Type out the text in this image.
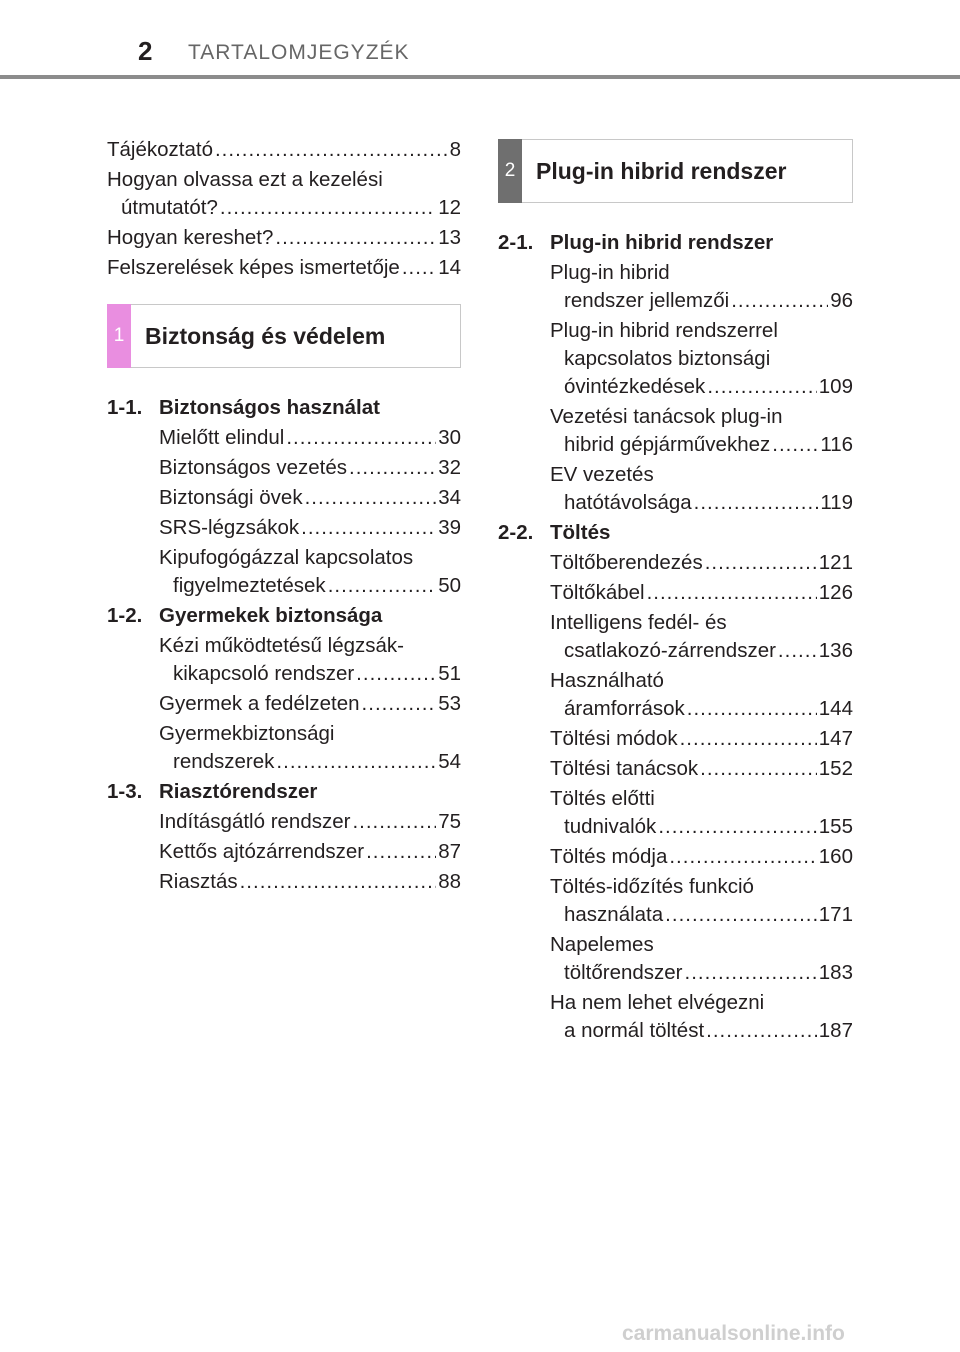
2 TARTALOMJEGYZÉK
Tájékoztató .....	8
Hogyan olvassa ezt a kezelési
útmutatót? .....	12
Hogyan kereshet? .....	13
Felszerelések képes ismertetője ..... 14
1 Biztonság és védelem
1-1. Biztonságos használat
Mielőtt elindul .....	30
Biztonságos vezetés .....	32
Biztonsági övek .....	34
SRS-légzsákok .....	39
Kipufogógázzal kapcsolatos
figyelmeztetések .....	50
1-2. Gyermekek biztonsága
Kézi működtetésű légzsák-
kikapcsoló rendszer .....	51
Gyermek a fedélzeten .....	53
Gyermekbiztonsági
rendszerek .....	54
1-3. Riasztórendszer
Indításgátló rendszer .....	75
Kettős ajtózárrendszer .....	87
Riasztás .....	88
2 Plug-in hibrid rendszer
2-1. Plug-in hibrid rendszer
Plug-in hibrid
rendszer jellemzői .....	96
Plug-in hibrid rendszerrel
kapcsolatos biztonsági
óvintézkedések .....	109
Vezetési tanácsok plug-in
hibrid gépjárművekhez ..... 116
EV vezetés
hatótávolsága .....	119
2-2. Töltés
Töltőberendezés .....	121
Töltőkábel .....	126
Intelligens fedél- és
csatlakozó-zárrendszer ..... 136
Használható
áramforrások .....	144
Töltési módok .....	147
Töltési tanácsok .....	152
Töltés előtti
tudnivalók .....	155
Töltés módja .....	160
Töltés-időzítés funkció
használata .....	171
Napelemes
töltőrendszer .....	183
Ha nem lehet elvégezni
a normál töltést .....	187
carmanualsonline.info
